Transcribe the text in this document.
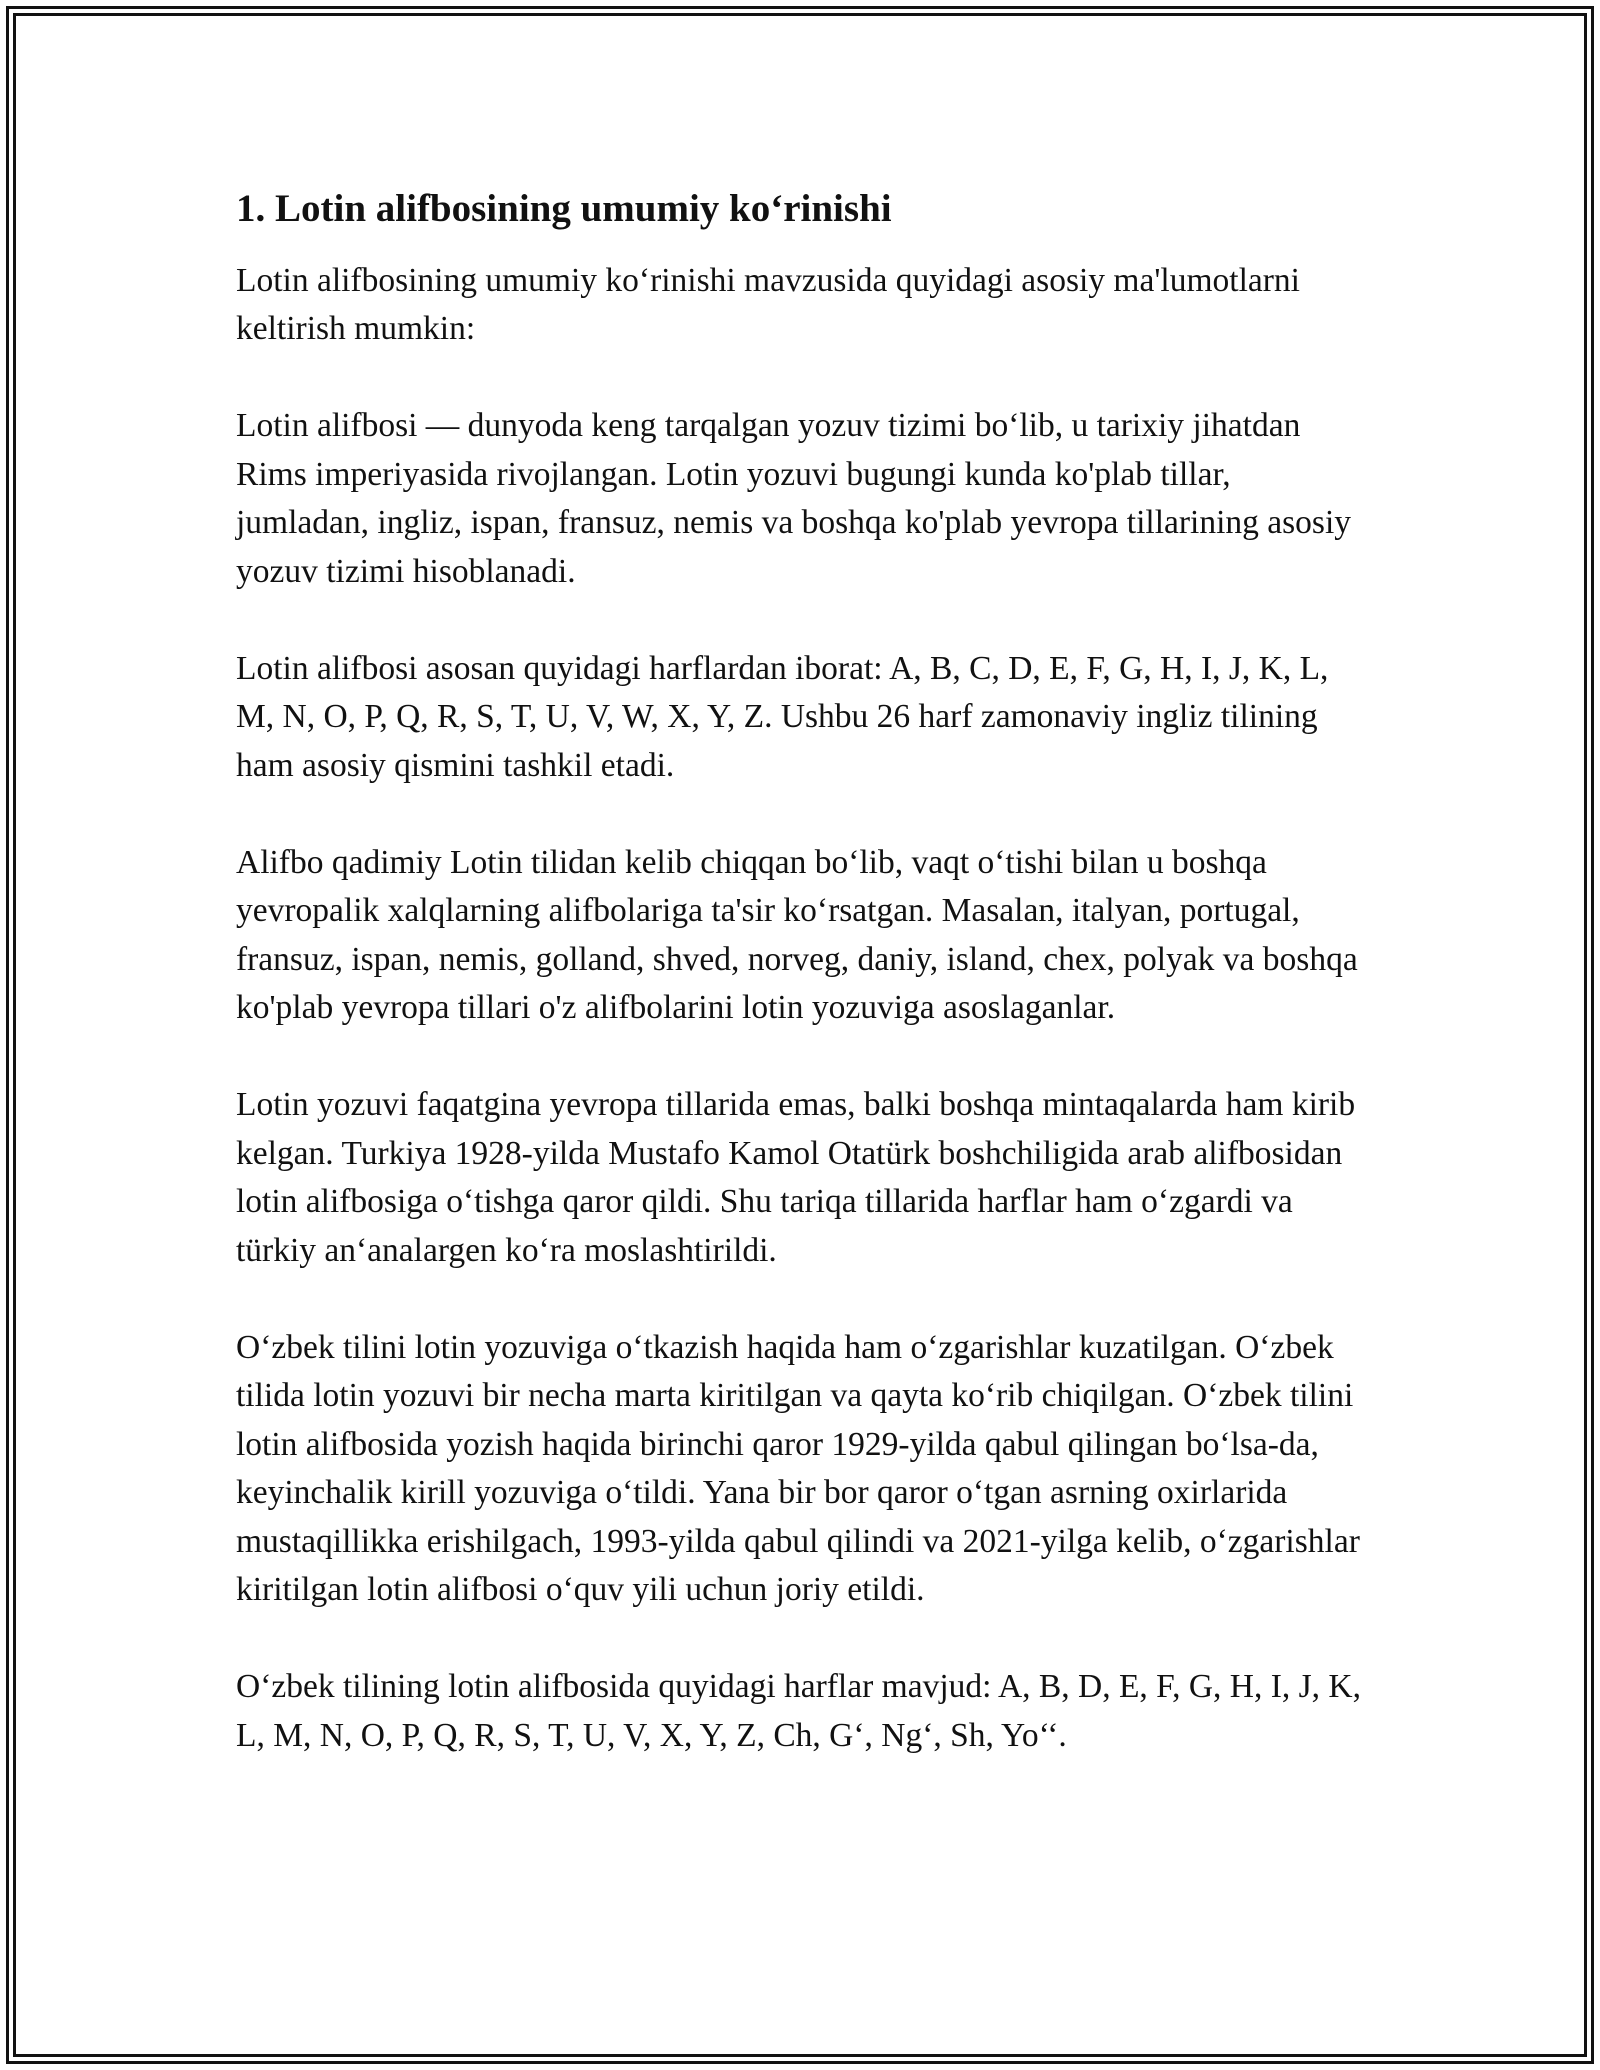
1. Lotin alifbosining umumiy ko‘rinishi

Lotin alifbosining umumiy ko‘rinishi mavzusida quyidagi asosiy ma'lumotlarni keltirish mumkin:

Lotin alifbosi — dunyoda keng tarqalgan yozuv tizimi bo‘lib, u tarixiy jihatdan Rims imperiyasida rivojlangan. Lotin yozuvi bugungi kunda ko'plab tillar, jumladan, ingliz, ispan, fransuz, nemis va boshqa ko'plab yevropa tillarining asosiy yozuv tizimi hisoblanadi.

Lotin alifbosi asosan quyidagi harflardan iborat: A, B, C, D, E, F, G, H, I, J, K, L, M, N, O, P, Q, R, S, T, U, V, W, X, Y, Z. Ushbu 26 harf zamonaviy ingliz tilining ham asosiy qismini tashkil etadi.

Alifbo qadimiy Lotin tilidan kelib chiqqan bo‘lib, vaqt o‘tishi bilan u boshqa yevropalik xalqlarning alifbolariga ta'sir ko‘rsatgan. Masalan, italyan, portugal, fransuz, ispan, nemis, golland, shved, norveg, daniy, island, chex, polyak va boshqa ko'plab yevropa tillari o'z alifbolarini lotin yozuviga asoslaganlar.

Lotin yozuvi faqatgina yevropa tillarida emas, balki boshqa mintaqalarda ham kirib kelgan. Turkiya 1928-yilda Mustafo Kamol Otatürk boshchiligida arab alifbosidan lotin alifbosiga o‘tishga qaror qildi. Shu tariqa tillarida harflar ham o‘zgardi va türkiy an‘analargen ko‘ra moslashtirildi.

O‘zbek tilini lotin yozuviga o‘tkazish haqida ham o‘zgarishlar kuzatilgan. O‘zbek tilida lotin yozuvi bir necha marta kiritilgan va qayta ko‘rib chiqilgan. O‘zbek tilini lotin alifbosida yozish haqida birinchi qaror 1929-yilda qabul qilingan bo‘lsa-da, keyinchalik kirill yozuviga o‘tildi. Yana bir bor qaror o‘tgan asrning oxirlarida mustaqillikka erishilgach, 1993-yilda qabul qilindi va 2021-yilga kelib, o‘zgarishlar kiritilgan lotin alifbosi o‘quv yili uchun joriy etildi.

O‘zbek tilining lotin alifbosida quyidagi harflar mavjud: A, B, D, E, F, G, H, I, J, K, L, M, N, O, P, Q, R, S, T, U, V, X, Y, Z, Ch, G‘, Ng‘, Sh, Yo‘‘.
